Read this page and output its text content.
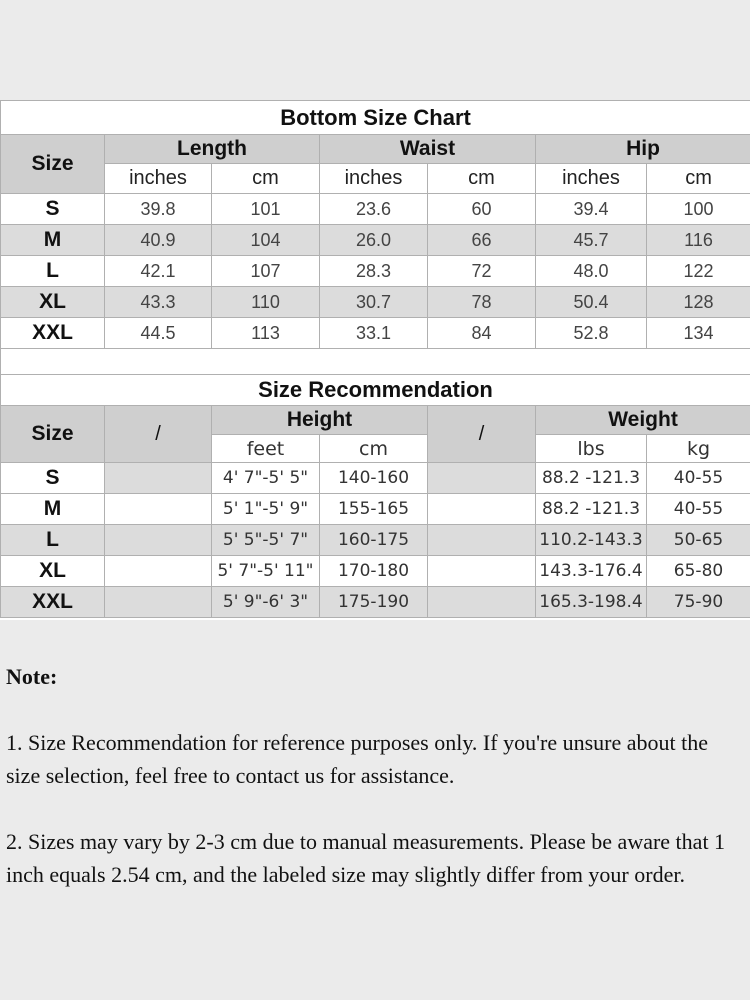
Bottom Size Chart						
Size	Length		Waist		Hip	
	inches	cm	inches	cm	inches	cm
S	39.8	101	23.6	60	39.4	100
M	40.9	104	26.0	66	45.7	116
L	42.1	107	28.3	72	48.0	122
XL	43.3	110	30.7	78	50.4	128
XXL	44.5	113	33.1	84	52.8	134

Size Recommendation						
Size	/	Height		/	Weight	
		feet	cm		lbs	kg
S		4' 7"-5' 5"	140-160		88.2 -121.3	40-55
M		5' 1"-5' 9"	155-165		88.2 -121.3	40-55
L		5' 5"-5' 7"	160-175		110.2-143.3	50-65
XL		5' 7"-5' 11"	170-180		143.3-176.4	65-80
XXL		5' 9"-6' 3"	175-190		165.3-198.4	75-90

Note:

1. Size Recommendation for reference purposes only. If you're unsure about the size selection, feel free to contact us for assistance.

2. Sizes may vary by 2-3 cm due to manual measurements. Please be aware that 1 inch equals 2.54 cm, and the labeled size may slightly differ from your order.
